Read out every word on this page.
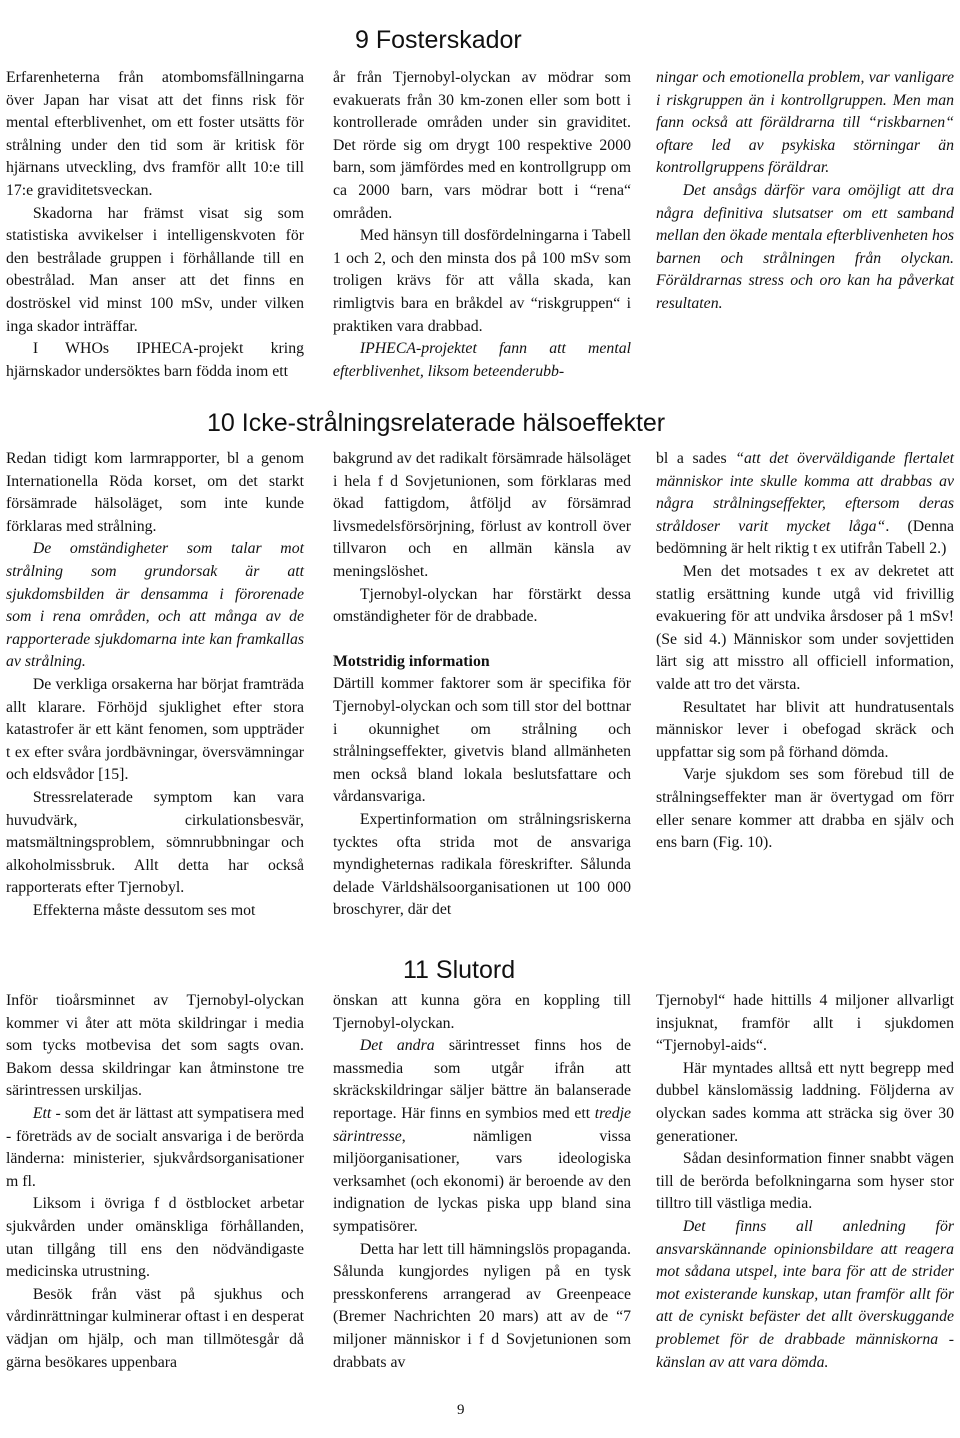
9 Fosterskador

Erfarenheterna från atombomsfällningarna över Japan har visat att det finns risk för mental efterblivenhet, om ett foster utsätts för strålning under den tid som är kritisk för hjärnans utveckling, dvs framför allt 10:e till 17:e graviditetsveckan.

Skadorna har främst visat sig som statistiska avvikelser i intelligenskvoten för den bestrålade gruppen i förhållande till en obestrålad. Man anser att det finns en doströskel vid minst 100 mSv, under vilken inga skador inträffar.

I WHOs IPHECA-projekt kring hjärnskador undersöktes barn födda inom ett

år från Tjernobyl-olyckan av mödrar som evakuerats från 30 km-zonen eller som bott i kontrollerade områden under sin graviditet. Det rörde sig om drygt 100 respektive 2000 barn, som jämfördes med en kontrollgrupp om ca 2000 barn, vars mödrar bott i “rena“ områden.

Med hänsyn till dosfördelningarna i Tabell 1 och 2, och den minsta dos på 100 mSv som troligen krävs för att vålla skada, kan rimligtvis bara en bråkdel av “riskgruppen“ i praktiken vara drabbad.

IPHECA-projektet fann att mental efterblivenhet, liksom beteenderubb-

ningar och emotionella problem, var vanligare i riskgruppen än i kontrollgruppen. Men man fann också att föräldrarna till “riskbarnen“ oftare led av psykiska störningar än kontrollgruppens föräldrar.

Det ansågs därför vara omöjligt att dra några definitiva slutsatser om ett samband mellan den ökade mentala efterblivenheten hos barnen och strålningen från olyckan. Föräldrarnas stress och oro kan ha påverkat resultaten.

10 Icke-strålningsrelaterade hälsoeffekter

Redan tidigt kom larmrapporter, bl a genom Internationella Röda korset, om det starkt försämrade hälsoläget, som inte kunde förklaras med strålning.

De omständigheter som talar mot strålning som grundorsak är att sjukdomsbilden är densamma i förorenade som i rena områden, och att många av de rapporterade sjukdomarna inte kan framkallas av strålning.

De verkliga orsakerna har börjat framträda allt klarare. Förhöjd sjuklighet efter stora katastrofer är ett känt fenomen, som uppträder t ex efter svåra jordbävningar, översvämningar och eldsvådor [15].

Stressrelaterade symptom kan vara huvudvärk, cirkulationsbesvär, matsmältningsproblem, sömnrubbningar och alkoholmissbruk. Allt detta har också rapporterats efter Tjernobyl.

Effekterna måste dessutom ses mot

bakgrund av det radikalt försämrade hälsoläget i hela f d Sovjetunionen, som förklaras med ökad fattigdom, åtföljd av försämrad livsmedelsförsörjning, förlust av kontroll över tillvaron och en allmän känsla av meningslöshet.

Tjernobyl-olyckan har förstärkt dessa omständigheter för de drabbade.

Motstridig information

Därtill kommer faktorer som är specifika för Tjernobyl-olyckan och som till stor del bottnar i okunnighet om strålning och strålningseffekter, givetvis bland allmänheten men också bland lokala beslutsfattare och vårdansvariga.

Expertinformation om strålningsriskerna tycktes ofta strida mot de ansvariga myndigheternas radikala föreskrifter. Sålunda delade Världshälsoorganisationen ut 100 000 broschyrer, där det

bl a sades “att det överväldigande flertalet människor inte skulle komma att drabbas av några strålningseffekter, eftersom deras stråldoser varit mycket låga“. (Denna bedömning är helt riktig t ex utifrån Tabell 2.)

Men det motsades t ex av dekretet att statlig ersättning kunde utgå vid frivillig evakuering för att undvika årsdoser på 1 mSv! (Se sid 4.) Människor som under sovjettiden lärt sig att misstro all officiell information, valde att tro det värsta.

Resultatet har blivit att hundratusentals människor lever i obefogad skräck och uppfattar sig som på förhand dömda.

Varje sjukdom ses som förebud till de strålningseffekter man är övertygad om förr eller senare kommer att drabba en själv och ens barn (Fig. 10).

11 Slutord

Inför tioårsminnet av Tjernobyl-olyckan kommer vi åter att möta skildringar i media som tycks motbevisa det som sagts ovan. Bakom dessa skildringar kan åtminstone tre särintressen urskiljas.

Ett - som det är lättast att sympatisera med - företräds av de socialt ansvariga i de berörda länderna: ministerier, sjukvårdsorganisationer m fl.

Liksom i övriga f d östblocket arbetar sjukvården under omänskliga förhållanden, utan tillgång till ens den nödvändigaste medicinska utrustning.

Besök från väst på sjukhus och vårdinrättningar kulminerar oftast i en desperat vädjan om hjälp, och man tillmötesgår då gärna besökares uppenbara

önskan att kunna göra en koppling till Tjernobyl-olyckan.

Det andra särintresset finns hos de massmedia som utgår ifrån att skräckskildringar säljer bättre än balanserade reportage. Här finns en symbios med ett tredje särintresse, nämligen vissa miljöorganisationer, vars ideologiska verksamhet (och ekonomi) är beroende av den indignation de lyckas piska upp bland sina sympatisörer.

Detta har lett till hämningslös propaganda. Sålunda kungjordes nyligen på en tysk presskonferens arrangerad av Greenpeace (Bremer Nachrichten 20 mars) att av de “7 miljoner människor i f d Sovjetunionen som drabbats av

Tjernobyl“ hade hittills 4 miljoner allvarligt insjuknat, framför allt i sjukdomen “Tjernobyl-aids“.

Här myntades alltså ett nytt begrepp med dubbel känslomässig laddning. Följderna av olyckan sades komma att sträcka sig över 30 generationer.

Sådan desinformation finner snabbt vägen till de berörda befolkningarna som hyser stor tilltro till västliga media.

Det finns all anledning för ansvarskännande opinionsbildare att reagera mot sådana utspel, inte bara för att de strider mot existerande kunskap, utan framför allt för att de cyniskt befäster det allt överskuggande problemet för de drabbade människorna - känslan av att vara dömda.

9
